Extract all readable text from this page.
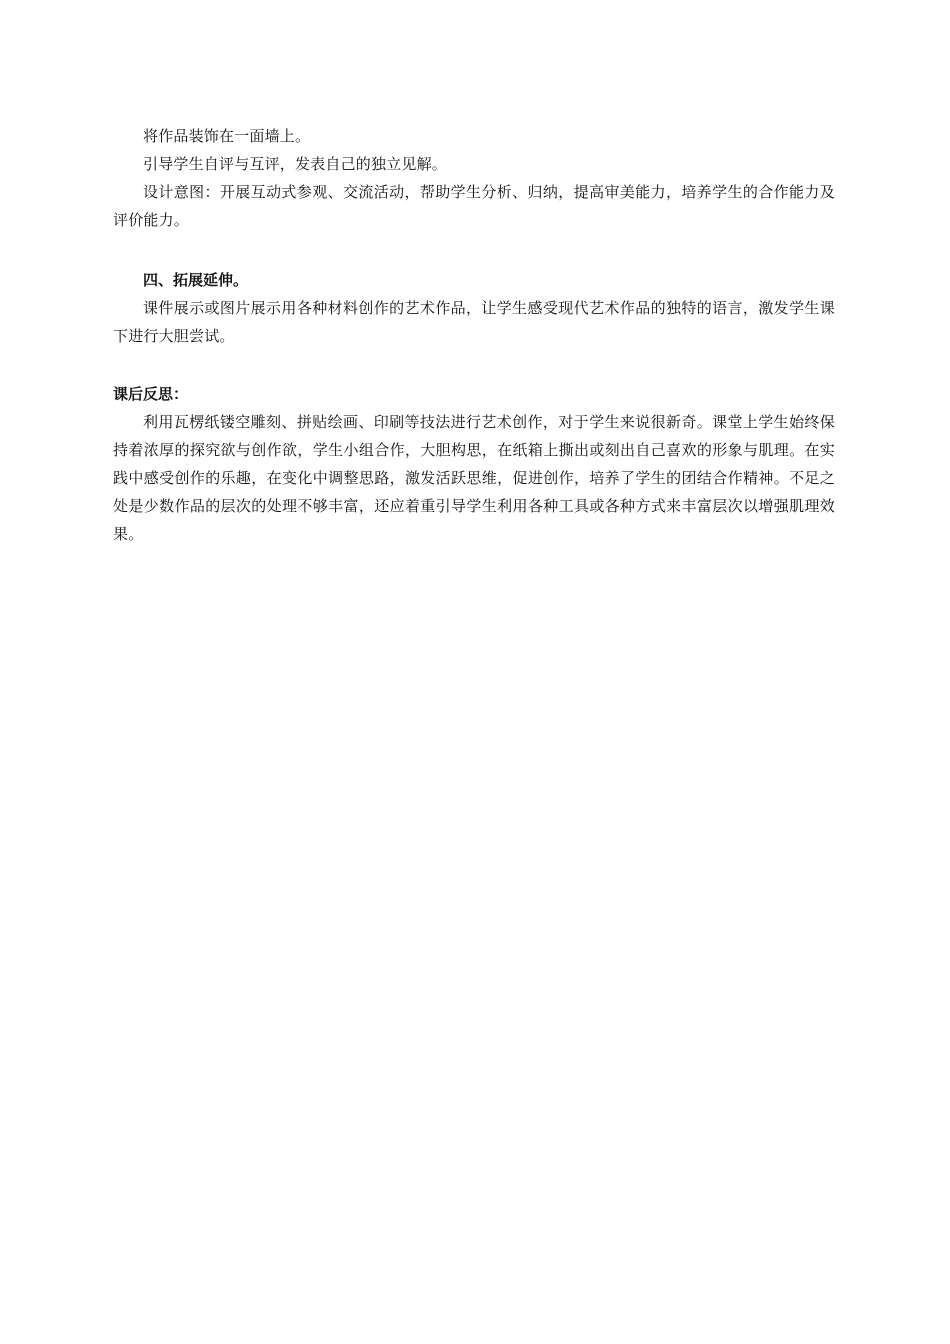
将作品装饰在一面墙上。

引导学生自评与互评，发表自己的独立见解。

设计意图：开展互动式参观、交流活动，帮助学生分析、归纳，提高审美能力，培养学生的合作能力及评价能力。

四、拓展延伸。

课件展示或图片展示用各种材料创作的艺术作品，让学生感受现代艺术作品的独特的语言，激发学生课下进行大胆尝试。

课后反思：

利用瓦楞纸镂空雕刻、拼贴绘画、印刷等技法进行艺术创作，对于学生来说很新奇。课堂上学生始终保持着浓厚的探究欲与创作欲，学生小组合作，大胆构思，在纸箱上撕出或刻出自己喜欢的形象与肌理。在实践中感受创作的乐趣，在变化中调整思路，激发活跃思维，促进创作，培养了学生的团结合作精神。不足之处是少数作品的层次的处理不够丰富，还应着重引导学生利用各种工具或各种方式来丰富层次以增强肌理效果。
